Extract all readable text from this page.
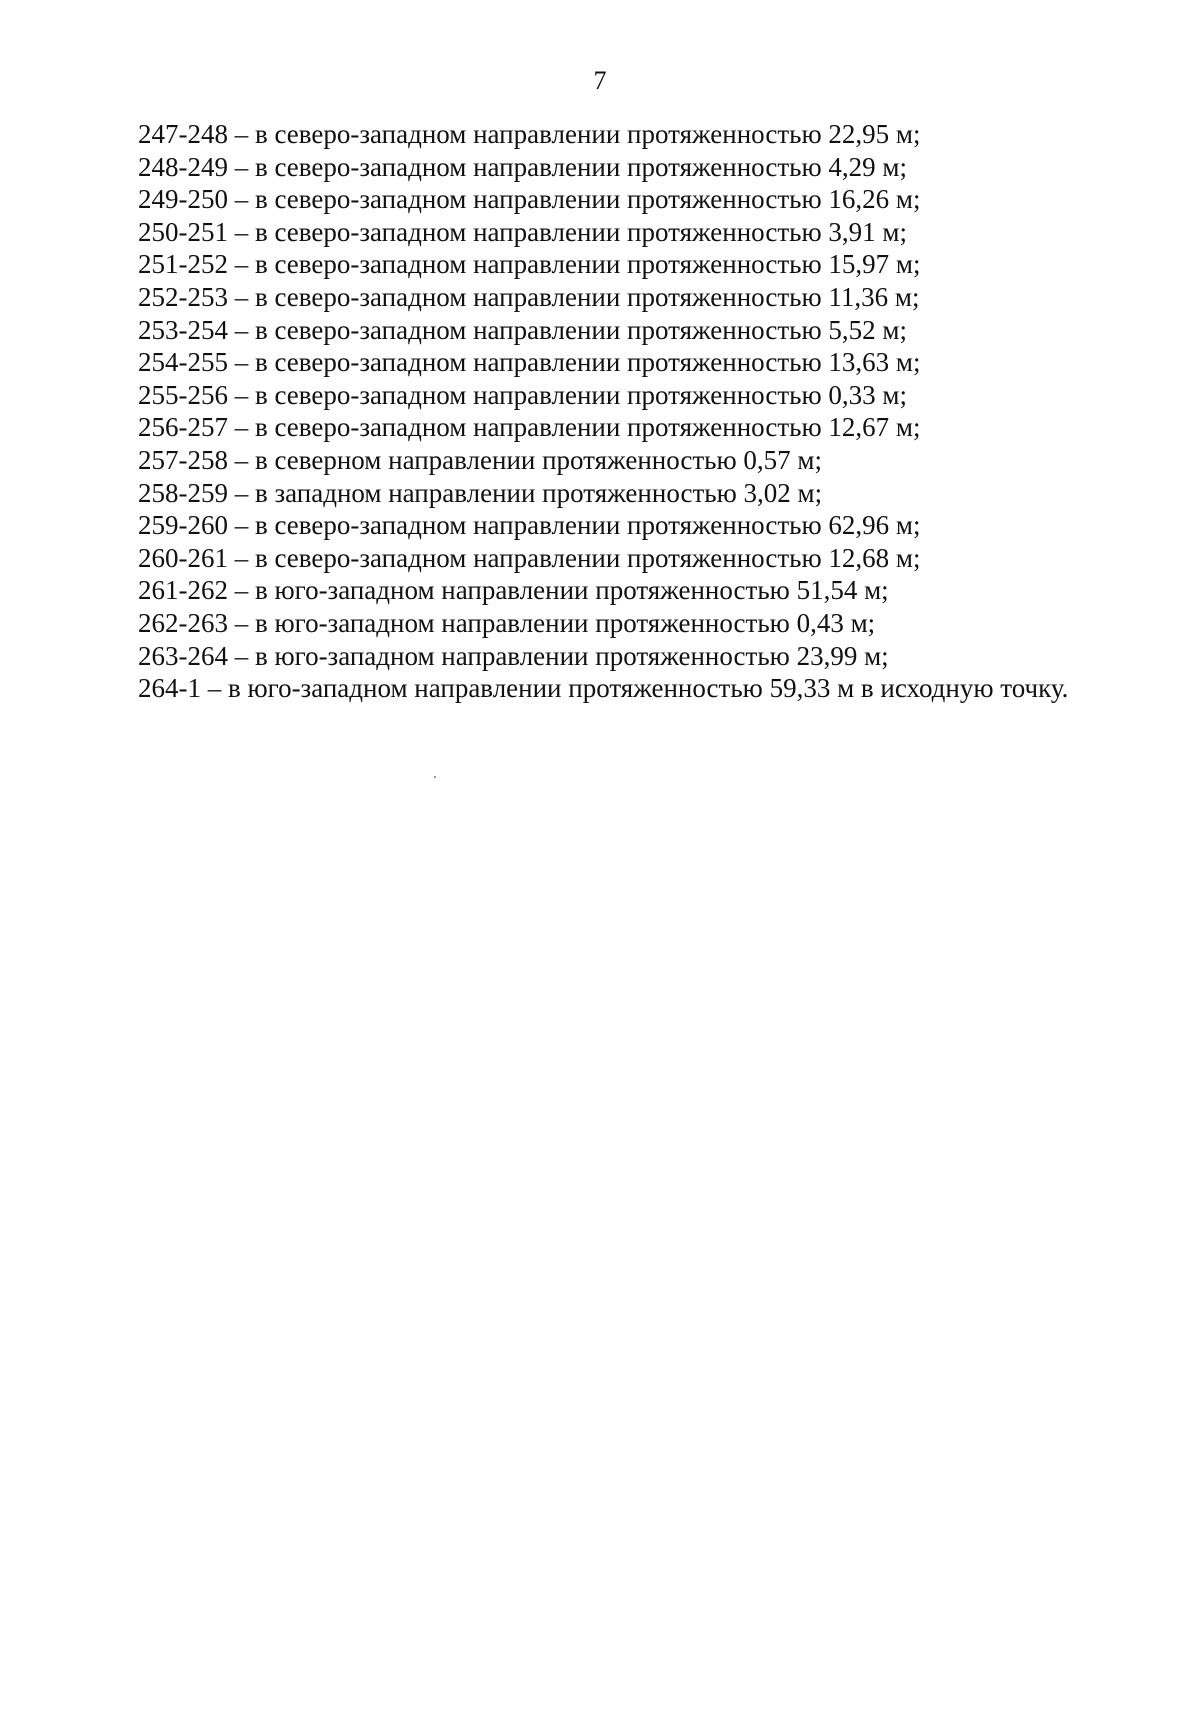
7
247-248 – в северо-западном направлении протяженностью 22,95 м;
248-249 – в северо-западном направлении протяженностью 4,29 м;
249-250 – в северо-западном направлении протяженностью 16,26 м;
250-251 – в северо-западном направлении протяженностью 3,91 м;
251-252 – в северо-западном направлении протяженностью 15,97 м;
252-253 – в северо-западном направлении протяженностью 11,36 м;
253-254 – в северо-западном направлении протяженностью 5,52 м;
254-255 – в северо-западном направлении протяженностью 13,63 м;
255-256 – в северо-западном направлении протяженностью 0,33 м;
256-257 – в северо-западном направлении протяженностью 12,67 м;
257-258 – в северном направлении протяженностью 0,57 м;
258-259 – в западном направлении протяженностью 3,02 м;
259-260 – в северо-западном направлении протяженностью 62,96 м;
260-261 – в северо-западном направлении протяженностью 12,68 м;
261-262 – в юго-западном направлении протяженностью 51,54 м;
262-263 – в юго-западном направлении протяженностью 0,43 м;
263-264 – в юго-западном направлении протяженностью 23,99 м;
264-1 – в юго-западном направлении протяженностью 59,33 м в исходную точку.
